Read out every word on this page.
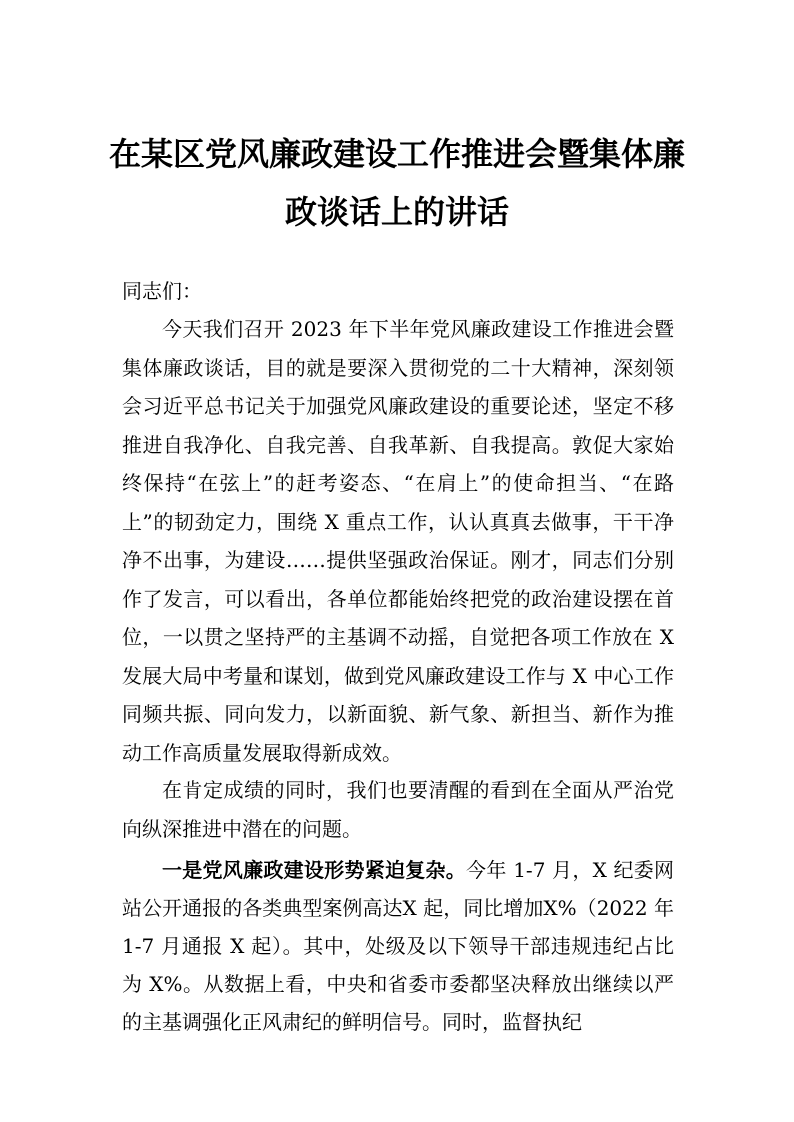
在某区党风廉政建设工作推进会暨集体廉
政谈话上的讲话

同志们：

今天我们召开 2023 年下半年党风廉政建设工作推进会暨集体廉政谈话，目的就是要深入贯彻党的二十大精神，深刻领会习近平总书记关于加强党风廉政建设的重要论述，坚定不移推进自我净化、自我完善、自我革新、自我提高。敦促大家始终保持“在弦上”的赶考姿态、“在肩上”的使命担当、“在路上”的韧劲定力，围绕 X 重点工作，认认真真去做事，干干净净不出事，为建设……提供坚强政治保证。刚才，同志们分别作了发言，可以看出，各单位都能始终把党的政治建设摆在首位，一以贯之坚持严的主基调不动摇，自觉把各项工作放在 X 发展大局中考量和谋划，做到党风廉政建设工作与 X 中心工作同频共振、同向发力，以新面貌、新气象、新担当、新作为推动工作高质量发展取得新成效。

在肯定成绩的同时，我们也要清醒的看到在全面从严治党向纵深推进中潜在的问题。

一是党风廉政建设形势紧迫复杂。今年 1-7 月，X 纪委网站公开通报的各类典型案例高达X 起，同比增加X%（2022 年 1-7 月通报 X 起）。其中，处级及以下领导干部违规违纪占比为 X%。从数据上看，中央和省委市委都坚决释放出继续以严的主基调强化正风肃纪的鲜明信号。同时，监督执纪
